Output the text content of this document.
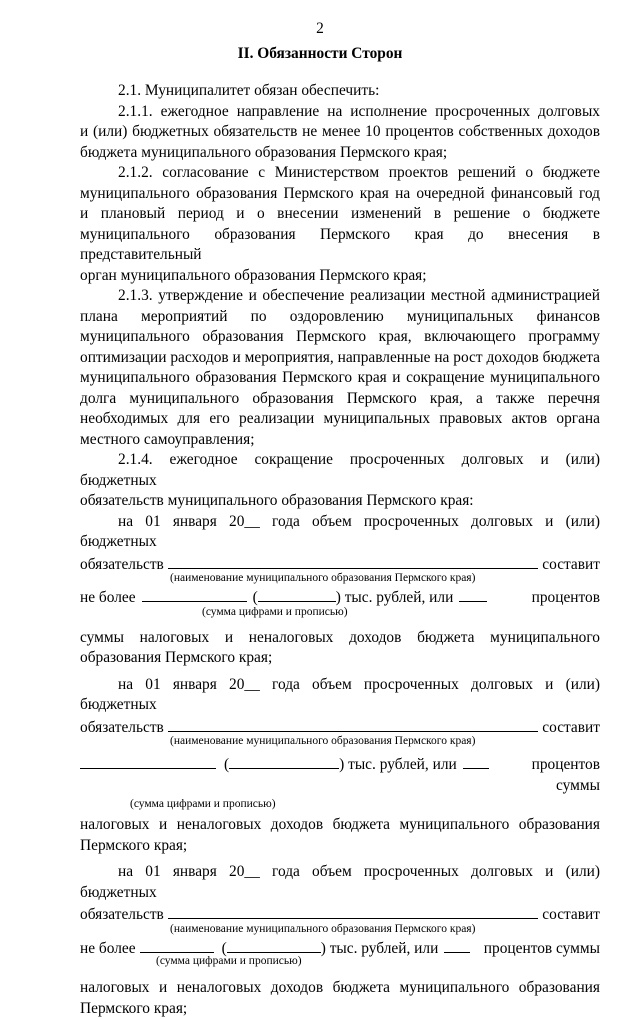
2
II. Обязанности Сторон

2.1. Муниципалитет обязан обеспечить:

2.1.1. ежегодное направление на исполнение просроченных долговых
и (или) бюджетных обязательств не менее 10 процентов собственных доходов
бюджета муниципального образования Пермского края;
2.1.2. согласование с Министерством проектов решений о бюджете
муниципального образования Пермского края на очередной финансовый год
и плановый период и о внесении изменений в решение о бюджете
муниципального образования Пермского края до внесения в представительный
орган муниципального образования Пермского края;
2.1.3. утверждение и обеспечение реализации местной администрацией
плана мероприятий по оздоровлению муниципальных финансов
муниципального образования Пермского края, включающего программу
оптимизации расходов и мероприятия, направленные на рост доходов бюджета
муниципального образования Пермского края и сокращение муниципального
долга муниципального образования Пермского края, а также перечня
необходимых для его реализации муниципальных правовых актов органа
местного самоуправления;
2.1.4. ежегодное сокращение просроченных долговых и (или) бюджетных
обязательств муниципального образования Пермского края:
на 01 января 20__ года объем просроченных долговых и (или) бюджетных
обязательств	составит
(наименование муниципального образования Пермского края)
не более	(	) тыс. рублей, или	процентов
(сумма цифрами и прописью)
суммы налоговых и неналоговых доходов бюджета муниципального
образования Пермского края;
на 01 января 20__ года объем просроченных долговых и (или) бюджетных
обязательств	составит
(наименование муниципального образования Пермского края)
(	) тыс. рублей, или	процентов суммы
(сумма цифрами и прописью)
налоговых и неналоговых доходов бюджета муниципального образования
Пермского края;
на 01 января 20__ года объем просроченных долговых и (или) бюджетных
обязательств	составит
(наименование муниципального образования Пермского края)
не более	(	) тыс. рублей, или	процентов суммы
(сумма цифрами и прописью)
налоговых и неналоговых доходов бюджета муниципального образования
Пермского края;
